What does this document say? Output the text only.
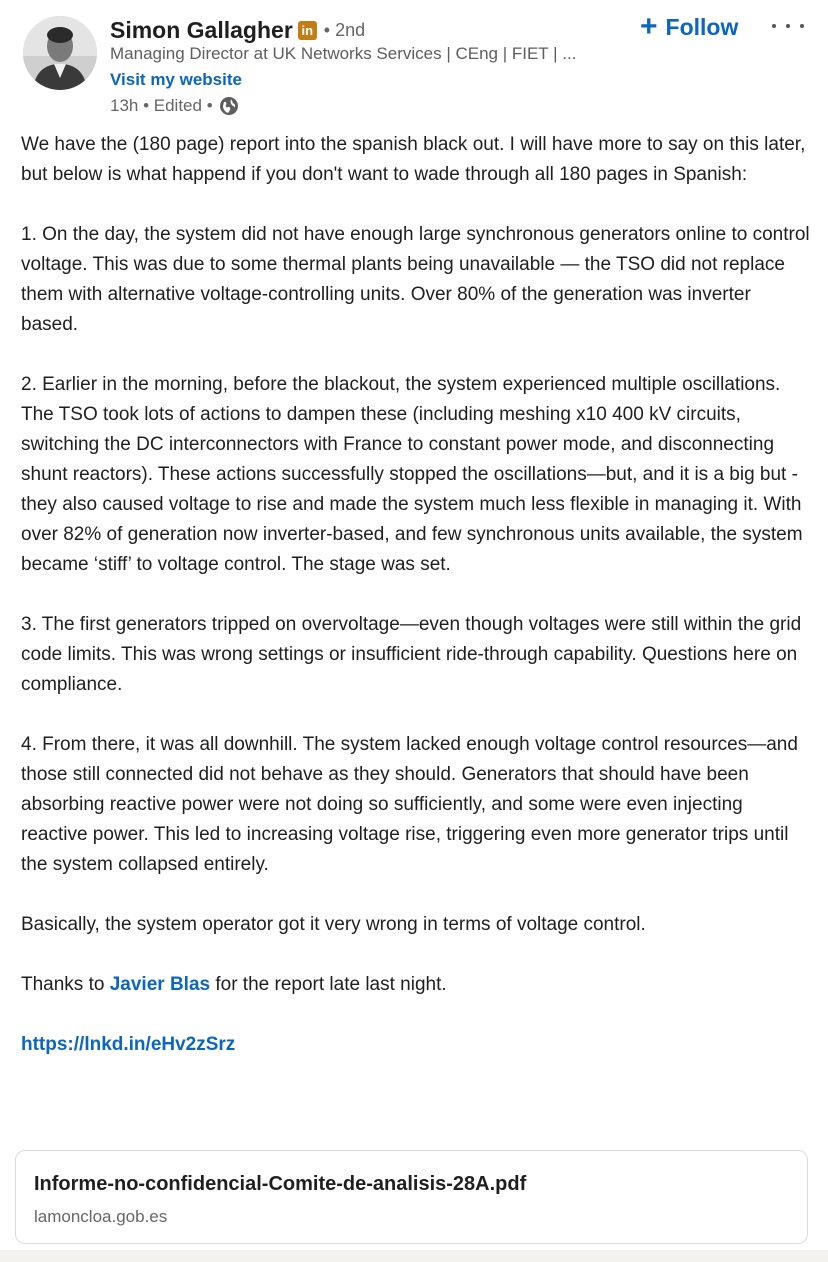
Simon Gallagher in • 2nd
Managing Director at UK Networks Services | CEng | FIET | ...
Visit my website
13h • Edited •
+ Follow

We have the (180 page) report into the spanish black out. I will have more to say on this later, but below is what happend if you don't want to wade through all 180 pages in Spanish:

1. On the day, the system did not have enough large synchronous generators online to control voltage. This was due to some thermal plants being unavailable — the TSO did not replace them with alternative voltage-controlling units. Over 80% of the generation was inverter based.

2. Earlier in the morning, before the blackout, the system experienced multiple oscillations. The TSO took lots of actions to dampen these (including meshing x10 400 kV circuits, switching the DC interconnectors with France to constant power mode, and disconnecting shunt reactors). These actions successfully stopped the oscillations—but, and it is a big but - they also caused voltage to rise and made the system much less flexible in managing it. With over 82% of generation now inverter-based, and few synchronous units available, the system became ‘stiff’ to voltage control. The stage was set.

3. The first generators tripped on overvoltage—even though voltages were still within the grid code limits. This was wrong settings or insufficient ride-through capability. Questions here on compliance.

4. From there, it was all downhill. The system lacked enough voltage control resources—and those still connected did not behave as they should. Generators that should have been absorbing reactive power were not doing so sufficiently, and some were even injecting reactive power. This led to increasing voltage rise, triggering even more generator trips until the system collapsed entirely.

Basically, the system operator got it very wrong in terms of voltage control.

Thanks to Javier Blas for the report late last night.

https://lnkd.in/eHv2zSrz

Informe-no-confidencial-Comite-de-analisis-28A.pdf
lamoncloa.gob.es
